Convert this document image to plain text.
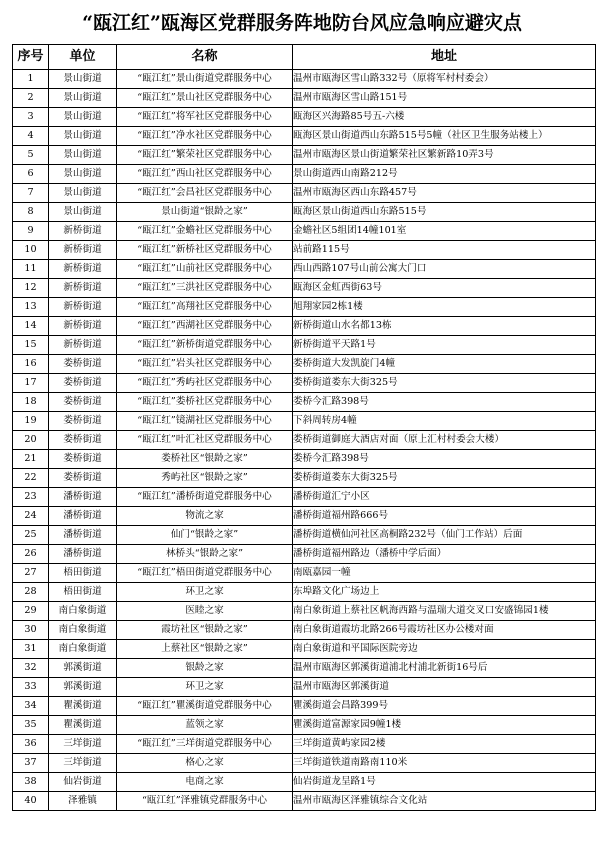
“瓯江红”瓯海区党群服务阵地防台风应急响应避灾点
序号	单位	名称	地址
1	景山街道	“瓯江红”景山街道党群服务中心	温州市瓯海区雪山路332号（原将军村村委会）
2	景山街道	“瓯江红”景山社区党群服务中心	温州市瓯海区雪山路151号
3	景山街道	“瓯江红”将军社区党群服务中心	瓯海区兴海路85号五-六楼
4	景山街道	“瓯江红”净水社区党群服务中心	瓯海区景山街道西山东路515号5幢（社区卫生服务站楼上）
5	景山街道	“瓯江红”繁荣社区党群服务中心	温州市瓯海区景山街道繁荣社区繁新路10弄3号
6	景山街道	“瓯江红”西山社区党群服务中心	景山街道西山南路212号
7	景山街道	“瓯江红”会昌社区党群服务中心	温州市瓯海区西山东路457号
8	景山街道	景山街道“银龄之家”	瓯海区景山街道西山东路515号
9	新桥街道	“瓯江红”金蟾社区党群服务中心	金蟾社区5组团14幢101室
10	新桥街道	“瓯江红”新桥社区党群服务中心	站前路115号
11	新桥街道	“瓯江红”山前社区党群服务中心	西山西路107号山前公寓大门口
12	新桥街道	“瓯江红”三洪社区党群服务中心	瓯海区金虹西街63号
13	新桥街道	“瓯江红”高翔社区党群服务中心	旭翔家园2栋1楼
14	新桥街道	“瓯江红”西湖社区党群服务中心	新桥街道山水名都13栋
15	新桥街道	“瓯江红”新桥街道党群服务中心	新桥街道平天路1号
16	娄桥街道	“瓯江红”岩头社区党群服务中心	娄桥街道大发凯旋门4幢
17	娄桥街道	“瓯江红”秀屿社区党群服务中心	娄桥街道娄东大街325号
18	娄桥街道	“瓯江红”娄桥社区党群服务中心	娄桥今汇路398号
19	娄桥街道	“瓯江红”镜湖社区党群服务中心	下斜周转房4幢
20	娄桥街道	“瓯江红”叶汇社区党群服务中心	娄桥街道御庭大酒店对面（原上汇村村委会大楼）
21	娄桥街道	娄桥社区“银龄之家”	娄桥今汇路398号
22	娄桥街道	秀屿社区“银龄之家”	娄桥街道娄东大街325号
23	潘桥街道	“瓯江红”潘桥街道党群服务中心	潘桥街道汇宁小区
24	潘桥街道	物流之家	潘桥街道福州路666号
25	潘桥街道	仙门“银龄之家”	潘桥街道横仙河社区高桐路232号（仙门工作站）后面
26	潘桥街道	林桥头“银龄之家”	潘桥街道福州路边（潘桥中学后面）
27	梧田街道	“瓯江红”梧田街道党群服务中心	南瓯嘉园一幢
28	梧田街道	环卫之家	东埠路文化广场边上
29	南白象街道	医睦之家	南白象街道上蔡社区帆海西路与温瑞大道交叉口安盛锦园1楼
30	南白象街道	霞坊社区“银龄之家”	南白象街道霞坊北路266号霞坊社区办公楼对面
31	南白象街道	上蔡社区“银龄之家”	南白象街道和平国际医院旁边
32	郭溪街道	银龄之家	温州市瓯海区郭溪街道浦北村浦北新街16号后
33	郭溪街道	环卫之家	温州市瓯海区郭溪街道
34	瞿溪街道	“瓯江红”瞿溪街道党群服务中心	瞿溪街道会昌路399号
35	瞿溪街道	蓝领之家	瞿溪街道富源家园9幢1楼
36	三垟街道	“瓯江红”三垟街道党群服务中心	三垟街道黄屿家园2楼
37	三垟街道	格心之家	三垟街道铁道南路南110米
38	仙岩街道	电商之家	仙岩街道龙呈路1号
40	泽雅镇	“瓯江红”泽雅镇党群服务中心	温州市瓯海区泽雅镇综合文化站
